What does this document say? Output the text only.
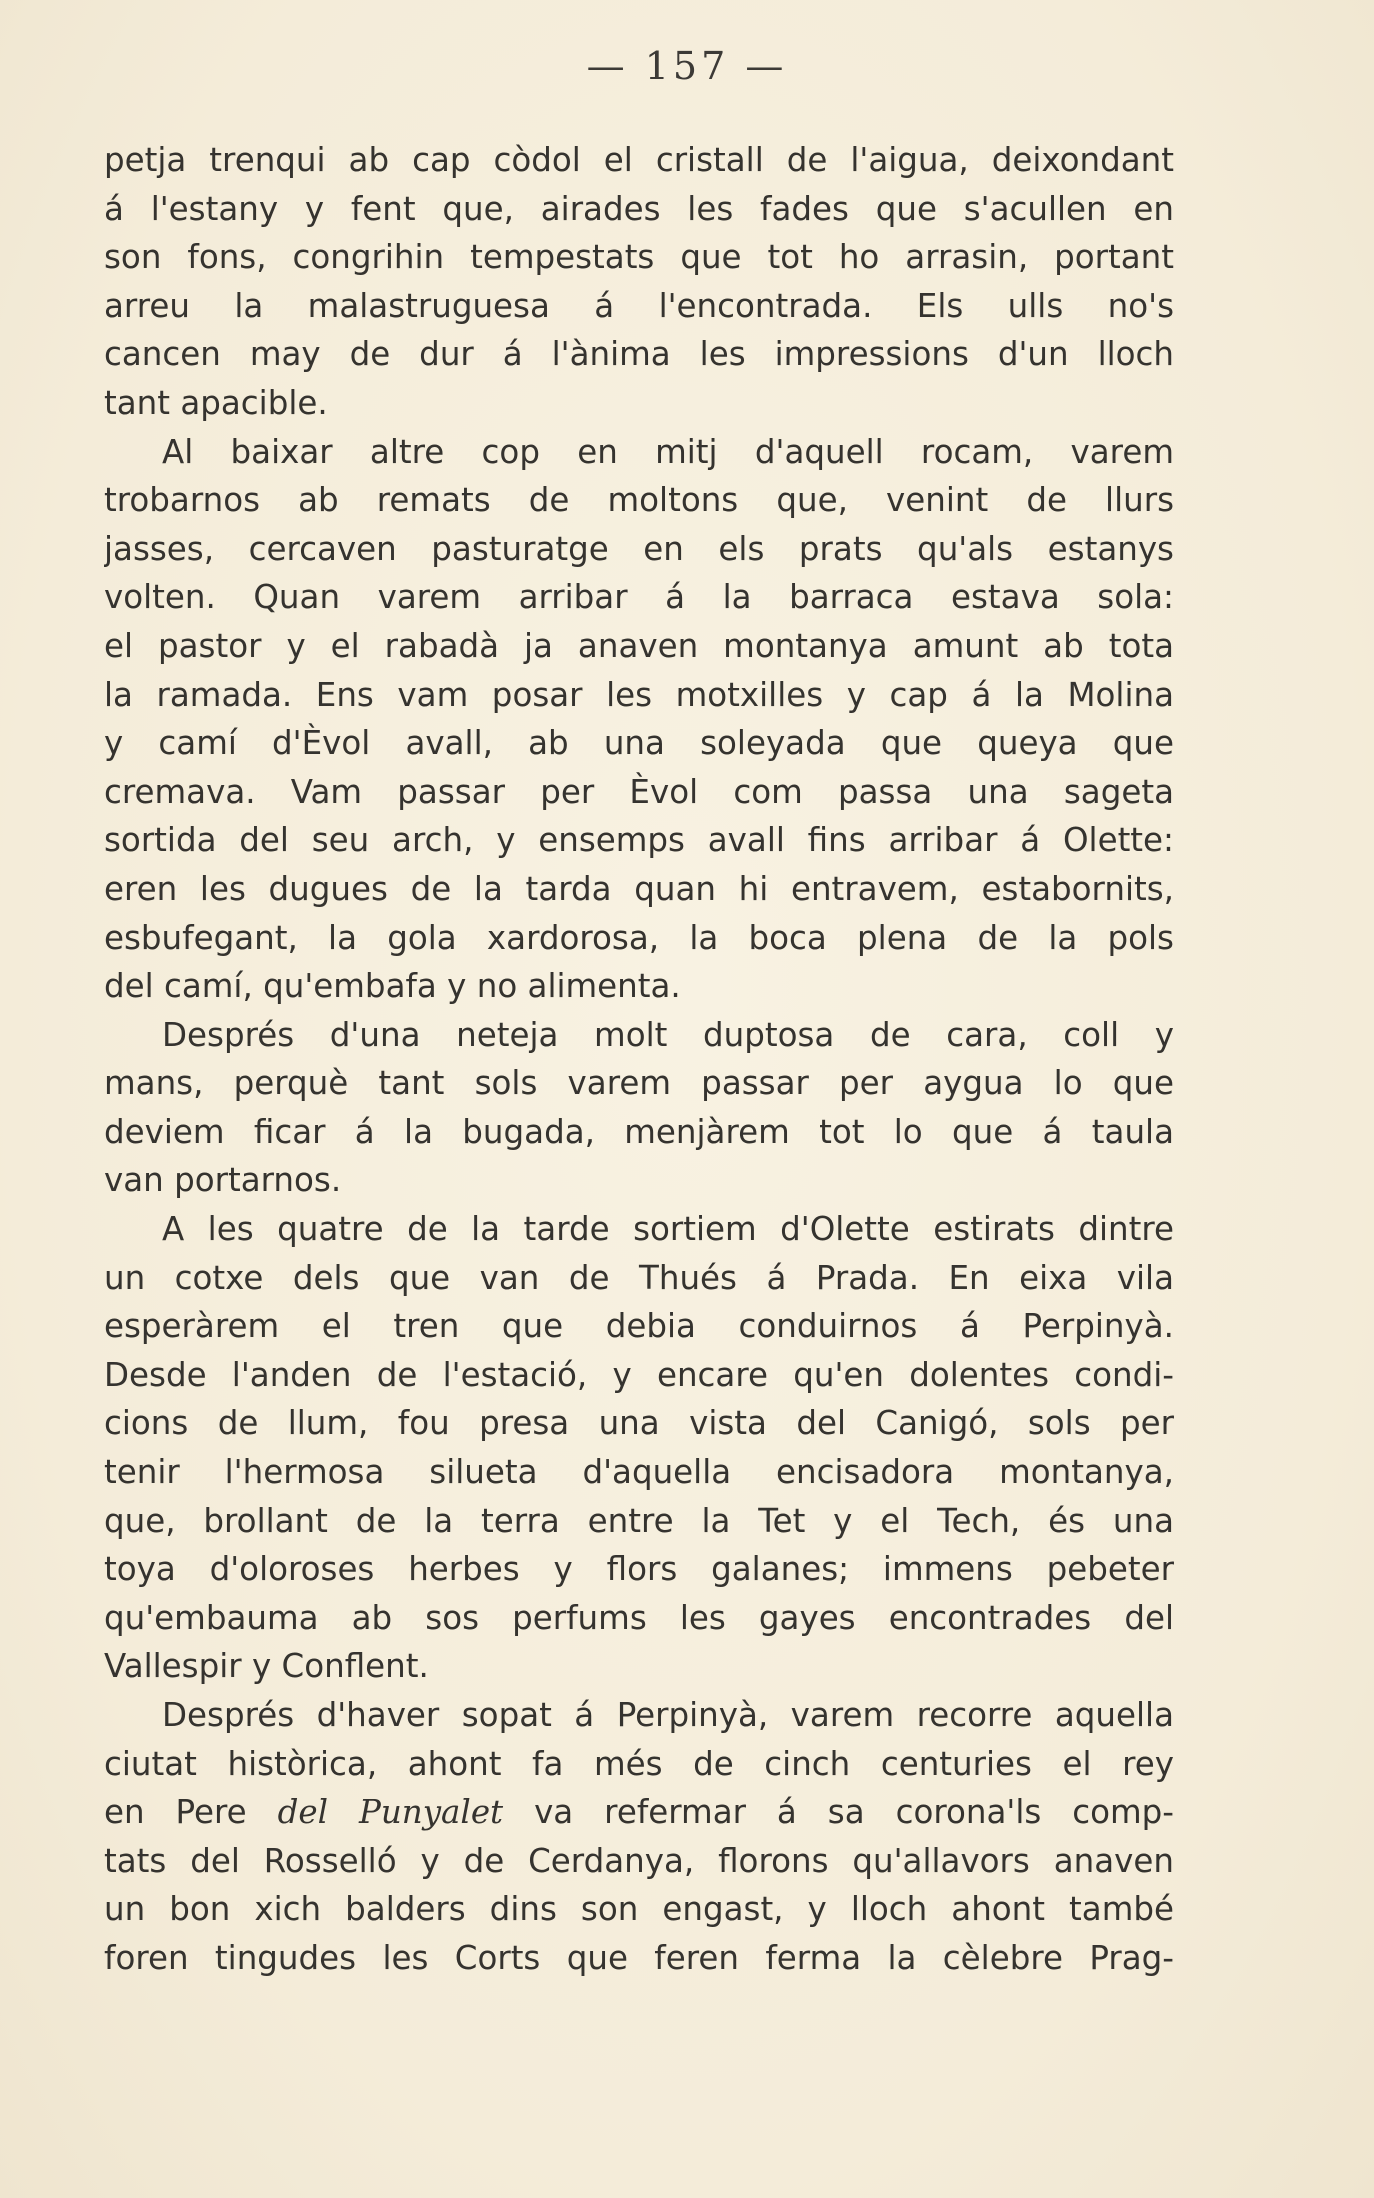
— 157 —
petja trenqui ab cap còdol el cristall de l'aigua, deixondant
á l'estany y fent que, airades les fades que s'acullen en
son fons, congrihin tempestats que tot ho arrasin, portant
arreu la malastruguesa á l'encontrada. Els ulls no's
cancen may de dur á l'ànima les impressions d'un lloch
tant apacible.
Al baixar altre cop en mitj d'aquell rocam, varem
trobarnos ab remats de moltons que, venint de llurs
jasses, cercaven pasturatge en els prats qu'als estanys
volten. Quan varem arribar á la barraca estava sola:
el pastor y el rabadà ja anaven montanya amunt ab tota
la ramada. Ens vam posar les motxilles y cap á la Molina
y camí d'Èvol avall, ab una soleyada que queya que
cremava. Vam passar per Èvol com passa una sageta
sortida del seu arch, y ensemps avall fins arribar á Olette:
eren les dugues de la tarda quan hi entravem, estabornits,
esbufegant, la gola xardorosa, la boca plena de la pols
del camí, qu'embafa y no alimenta.
Després d'una neteja molt duptosa de cara, coll y
mans, perquè tant sols varem passar per aygua lo que
deviem ficar á la bugada, menjàrem tot lo que á taula
van portarnos.
A les quatre de la tarde sortiem d'Olette estirats dintre
un cotxe dels que van de Thués á Prada. En eixa vila
esperàrem el tren que debia conduirnos á Perpinyà.
Desde l'anden de l'estació, y encare qu'en dolentes condi-
cions de llum, fou presa una vista del Canigó, sols per
tenir l'hermosa silueta d'aquella encisadora montanya,
que, brollant de la terra entre la Tet y el Tech, és una
toya d'oloroses herbes y flors galanes; immens pebeter
qu'embauma ab sos perfums les gayes encontrades del
Vallespir y Conflent.
Després d'haver sopat á Perpinyà, varem recorre aquella
ciutat històrica, ahont fa més de cinch centuries el rey
en Pere del Punyalet va refermar á sa corona'ls comp-
tats del Rosselló y de Cerdanya, florons qu'allavors anaven
un bon xich balders dins son engast, y lloch ahont també
foren tingudes les Corts que feren ferma la cèlebre Prag-
